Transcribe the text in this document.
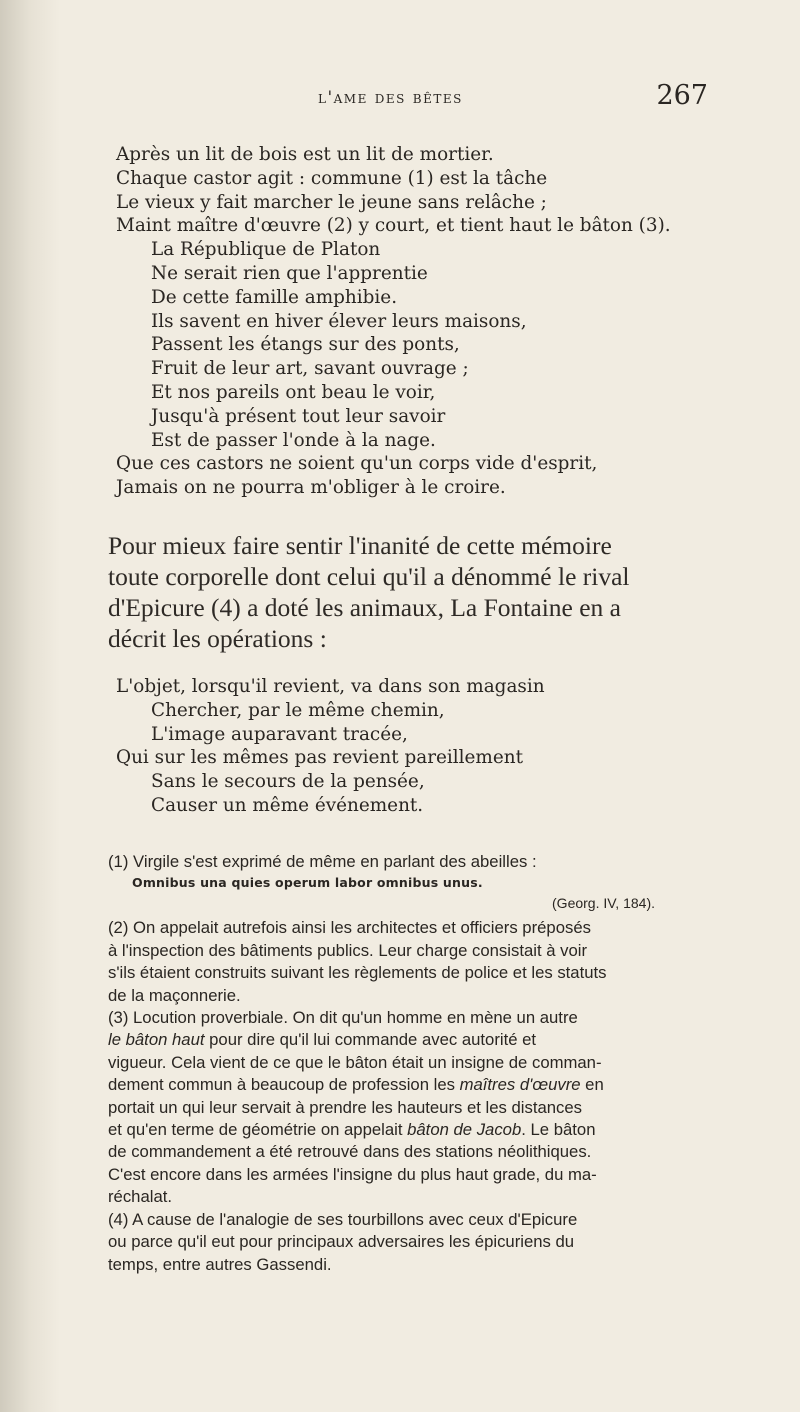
l'ame des bêtes	267
Après un lit de bois est un lit de mortier.
Chaque castor agit : commune (1) est la tâche
Le vieux y fait marcher le jeune sans relâche ;
Maint maître d'œuvre (2) y court, et tient haut le bâton (3).
La République de Platon
Ne serait rien que l'apprentie
De cette famille amphibie.
Ils savent en hiver élever leurs maisons,
Passent les étangs sur des ponts,
Fruit de leur art, savant ouvrage ;
Et nos pareils ont beau le voir,
Jusqu'à présent tout leur savoir
Est de passer l'onde à la nage.
Que ces castors ne soient qu'un corps vide d'esprit,
Jamais on ne pourra m'obliger à le croire.
Pour mieux faire sentir l'inanité de cette mémoire
toute corporelle dont celui qu'il a dénommé le rival
d'Epicure (4) a doté les animaux, La Fontaine en a
décrit les opérations :
L'objet, lorsqu'il revient, va dans son magasin
Chercher, par le même chemin,
L'image auparavant tracée,
Qui sur les mêmes pas revient pareillement
Sans le secours de la pensée,
Causer un même événement.
(1) Virgile s'est exprimé de même en parlant des abeilles :
Omnibus una quies operum labor omnibus unus.
(Georg. IV, 184).
(2) On appelait autrefois ainsi les architectes et officiers préposés
à l'inspection des bâtiments publics. Leur charge consistait à voir
s'ils étaient construits suivant les règlements de police et les statuts
de la maçonnerie.
(3) Locution proverbiale. On dit qu'un homme en mène un autre
le bâton haut pour dire qu'il lui commande avec autorité et
vigueur. Cela vient de ce que le bâton était un insigne de comman-
dement commun à beaucoup de profession les maîtres d'œuvre en
portait un qui leur servait à prendre les hauteurs et les distances
et qu'en terme de géométrie on appelait bâton de Jacob. Le bâton
de commandement a été retrouvé dans des stations néolithiques.
C'est encore dans les armées l'insigne du plus haut grade, du ma-
réchalat.
(4) A cause de l'analogie de ses tourbillons avec ceux d'Epicure
ou parce qu'il eut pour principaux adversaires les épicuriens du
temps, entre autres Gassendi.
